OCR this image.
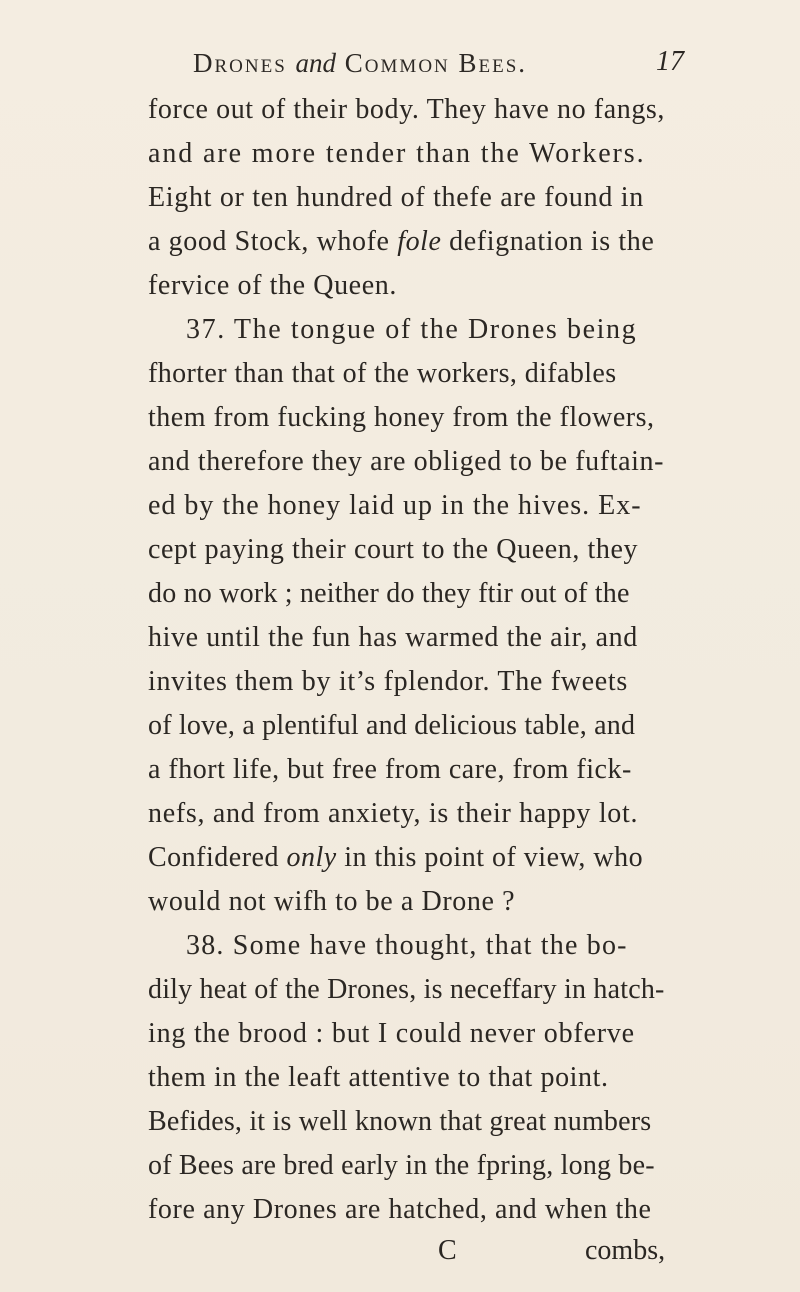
Drones and Common Bees.	17
force out of their body. They have no fangs,
and are more tender than the Workers.
Eight or ten hundred of thefe are found in
a good Stock, whofe fole defignation is the
fervice of the Queen.
37. The tongue of the Drones being
fhorter than that of the workers, difables
them from fucking honey from the flowers,
and therefore they are obliged to be fuftain-
ed by the honey laid up in the hives. Ex-
cept paying their court to the Queen, they
do no work ; neither do they ftir out of the
hive until the fun has warmed the air, and
invites them by it’s fplendor. The fweets
of love, a plentiful and delicious table, and
a fhort life, but free from care, from fick-
nefs, and from anxiety, is their happy lot.
Confidered only in this point of view, who
would not wifh to be a Drone ?
38. Some have thought, that the bo-
dily heat of the Drones, is neceffary in hatch-
ing the brood : but I could never obferve
them in the leaft attentive to that point.
Befides, it is well known that great numbers
of Bees are bred early in the fpring, long be-
fore any Drones are hatched, and when the
C	combs,
